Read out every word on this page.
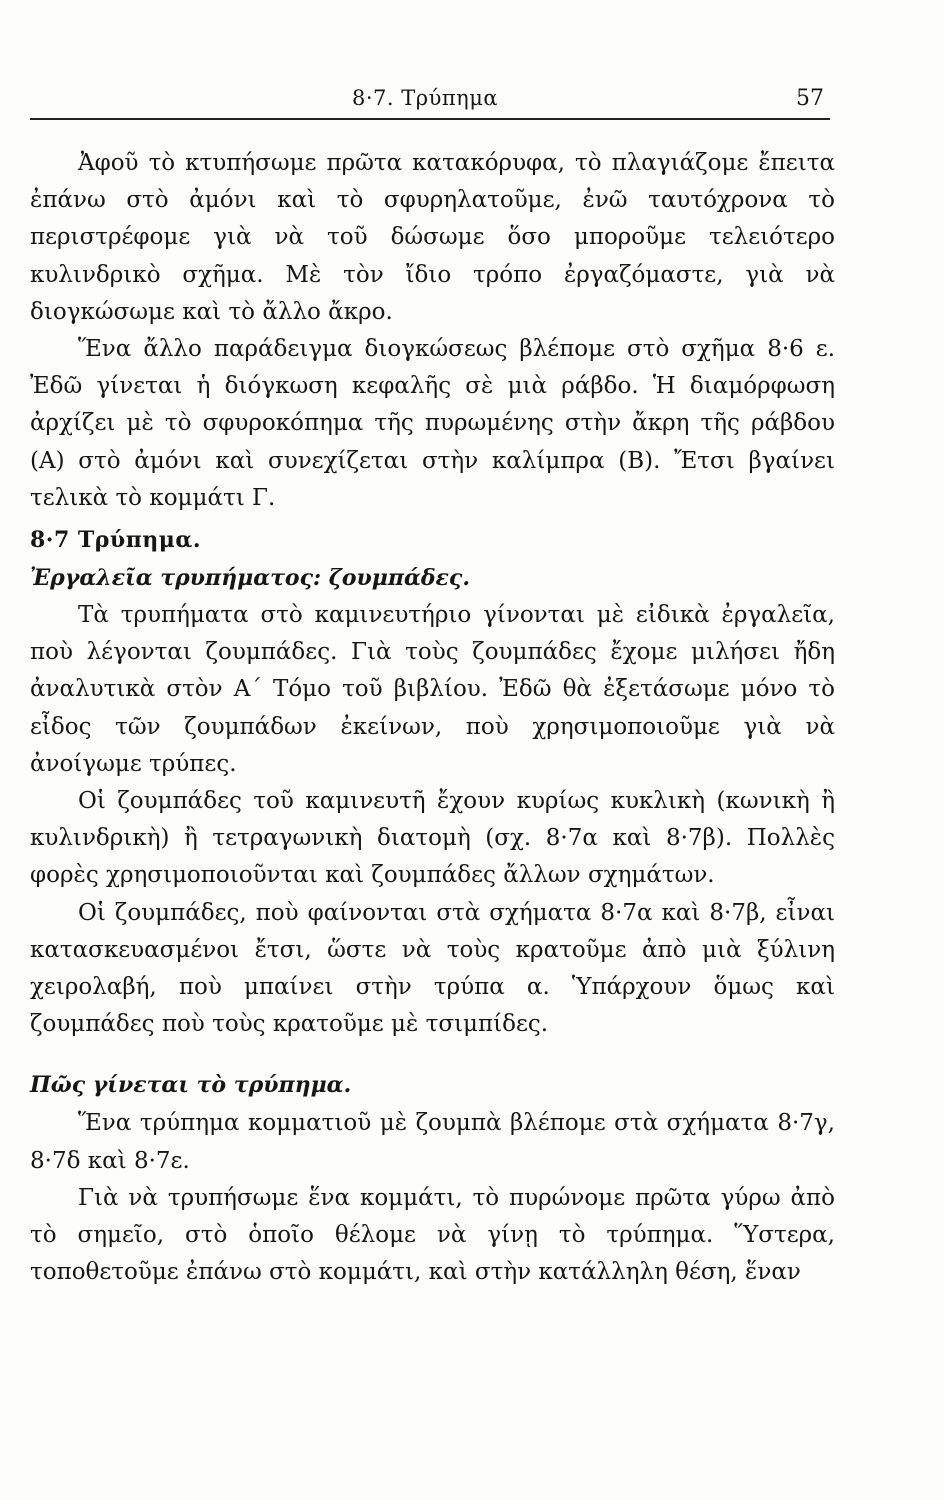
8·7. Τρύπημα	57

Ἀφοῦ τὸ κτυπήσωμε πρῶτα κατακόρυφα, τὸ πλαγιάζομε ἔπειτα ἐπάνω στὸ ἀμόνι καὶ τὸ σφυρηλατοῦμε, ἐνῶ ταυτόχρονα τὸ περιστρέφομε γιὰ νὰ τοῦ δώσωμε ὅσο μποροῦμε τελειότερο κυλινδρικὸ σχῆμα. Μὲ τὸν ἴδιο τρόπο ἐργαζόμαστε, γιὰ νὰ διογκώσωμε καὶ τὸ ἄλλο ἄκρο.

Ἕνα ἄλλο παράδειγμα διογκώσεως βλέπομε στὸ σχῆμα 8·6 ε. Ἐδῶ γίνεται ἡ διόγκωση κεφαλῆς σὲ μιὰ ράβδο. Ἡ διαμόρφωση ἀρχίζει μὲ τὸ σφυροκόπημα τῆς πυρωμένης στὴν ἄκρη τῆς ράβδου (Α) στὸ ἀμόνι καὶ συνεχίζεται στὴν καλίμπρα (Β). Ἔτσι βγαίνει τελικὰ τὸ κομμάτι Γ.

8·7 Τρύπημα.

Ἐργαλεῖα τρυπήματος: ζουμπάδες.

Τὰ τρυπήματα στὸ καμινευτήριο γίνονται μὲ εἰδικὰ ἐργαλεῖα, ποὺ λέγονται ζουμπάδες. Γιὰ τοὺς ζουμπάδες ἔχομε μιλήσει ἤδη ἀναλυτικὰ στὸν Α΄ Τόμο τοῦ βιβλίου. Ἐδῶ θὰ ἐξετάσωμε μόνο τὸ εἶδος τῶν ζουμπάδων ἐκείνων, ποὺ χρησιμοποιοῦμε γιὰ νὰ ἀνοίγωμε τρύπες.

Οἱ ζουμπάδες τοῦ καμινευτῆ ἔχουν κυρίως κυκλικὴ (κωνικὴ ἢ κυλινδρικὴ) ἢ τετραγωνικὴ διατομὴ (σχ. 8·7α καὶ 8·7β). Πολλὲς φορὲς χρησιμοποιοῦνται καὶ ζουμπάδες ἄλλων σχημάτων.

Οἱ ζουμπάδες, ποὺ φαίνονται στὰ σχήματα 8·7α καὶ 8·7β, εἶναι κατασκευασμένοι ἔτσι, ὥστε νὰ τοὺς κρατοῦμε ἀπὸ μιὰ ξύλινη χειρολαβή, ποὺ μπαίνει στὴν τρύπα α. Ὑπάρχουν ὅμως καὶ ζουμπάδες ποὺ τοὺς κρατοῦμε μὲ τσιμπίδες.

Πῶς γίνεται τὸ τρύπημα.

Ἕνα τρύπημα κομματιοῦ μὲ ζουμπὰ βλέπομε στὰ σχήματα 8·7γ, 8·7δ καὶ 8·7ε.

Γιὰ νὰ τρυπήσωμε ἕνα κομμάτι, τὸ πυρώνομε πρῶτα γύρω ἀπὸ τὸ σημεῖο, στὸ ὁποῖο θέλομε νὰ γίνῃ τὸ τρύπημα. Ὕστερα, τοποθετοῦμε ἐπάνω στὸ κομμάτι, καὶ στὴν κατάλληλη θέση, ἕναν
